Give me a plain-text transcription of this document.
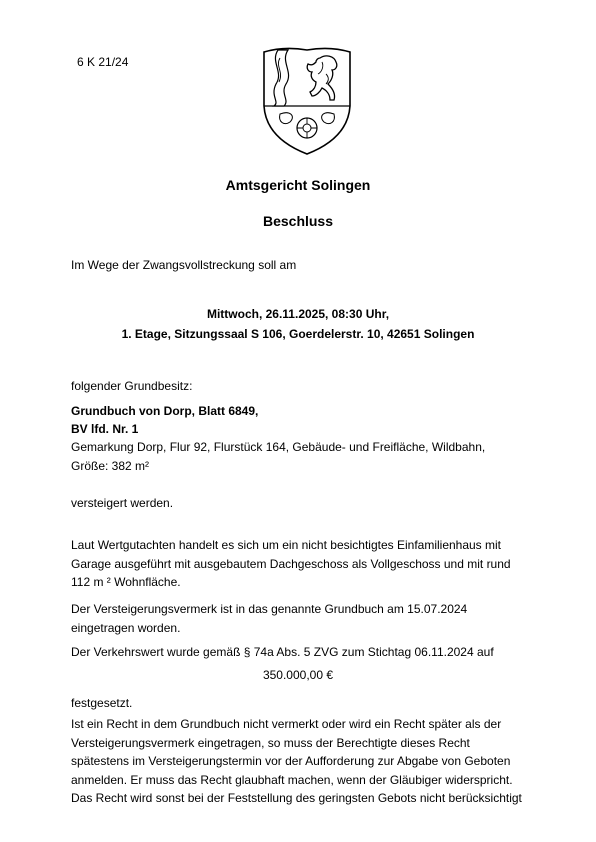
6 K 21/24
Amtsgericht Solingen
Beschluss
Im Wege der Zwangsvollstreckung soll am
Mittwoch, 26.11.2025, 08:30 Uhr,
1. Etage, Sitzungssaal S 106, Goerdelerstr. 10, 42651 Solingen
folgender Grundbesitz:
Grundbuch von Dorp, Blatt 6849,
BV lfd. Nr. 1
Gemarkung Dorp, Flur 92, Flurstück 164, Gebäude- und Freifläche, Wildbahn,
Größe: 382 m²
versteigert werden.
Laut Wertgutachten handelt es sich um ein nicht besichtigtes Einfamilienhaus mit
Garage ausgeführt mit ausgebautem Dachgeschoss als Vollgeschoss und mit rund
112 m ² Wohnfläche.
Der Versteigerungsvermerk ist in das genannte Grundbuch am 15.07.2024
eingetragen worden.
Der Verkehrswert wurde gemäß § 74a Abs. 5 ZVG zum Stichtag 06.11.2024 auf
350.000,00 €
festgesetzt.
Ist ein Recht in dem Grundbuch nicht vermerkt oder wird ein Recht später als der
Versteigerungsvermerk eingetragen, so muss der Berechtigte dieses Recht
spätestens im Versteigerungstermin vor der Aufforderung zur Abgabe von Geboten
anmelden. Er muss das Recht glaubhaft machen, wenn der Gläubiger widerspricht.
Das Recht wird sonst bei der Feststellung des geringsten Gebots nicht berücksichtigt
